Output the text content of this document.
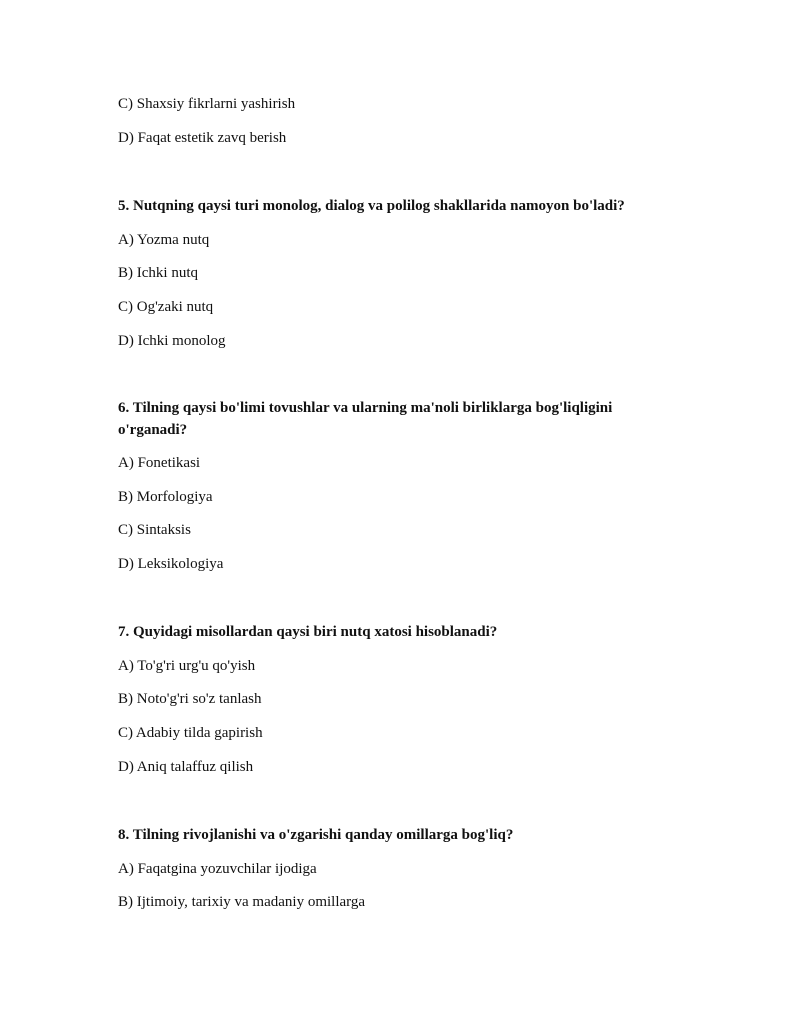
C) Shaxsiy fikrlarni yashirish
D) Faqat estetik zavq berish
5. Nutqning qaysi turi monolog, dialog va polilog shakllarida namoyon bo'ladi?
A) Yozma nutq
B) Ichki nutq
C) Og'zaki nutq
D) Ichki monolog
6. Tilning qaysi bo'limi tovushlar va ularning ma'noli birliklarga bog'liqligini
o'rganadi?
A) Fonetikasi
B) Morfologiya
C) Sintaksis
D) Leksikologiya
7. Quyidagi misollardan qaysi biri nutq xatosi hisoblanadi?
A) To'g'ri urg'u qo'yish
B) Noto'g'ri so'z tanlash
C) Adabiy tilda gapirish
D) Aniq talaffuz qilish
8. Tilning rivojlanishi va o'zgarishi qanday omillarga bog'liq?
A) Faqatgina yozuvchilar ijodiga
B) Ijtimoiy, tarixiy va madaniy omillarga
